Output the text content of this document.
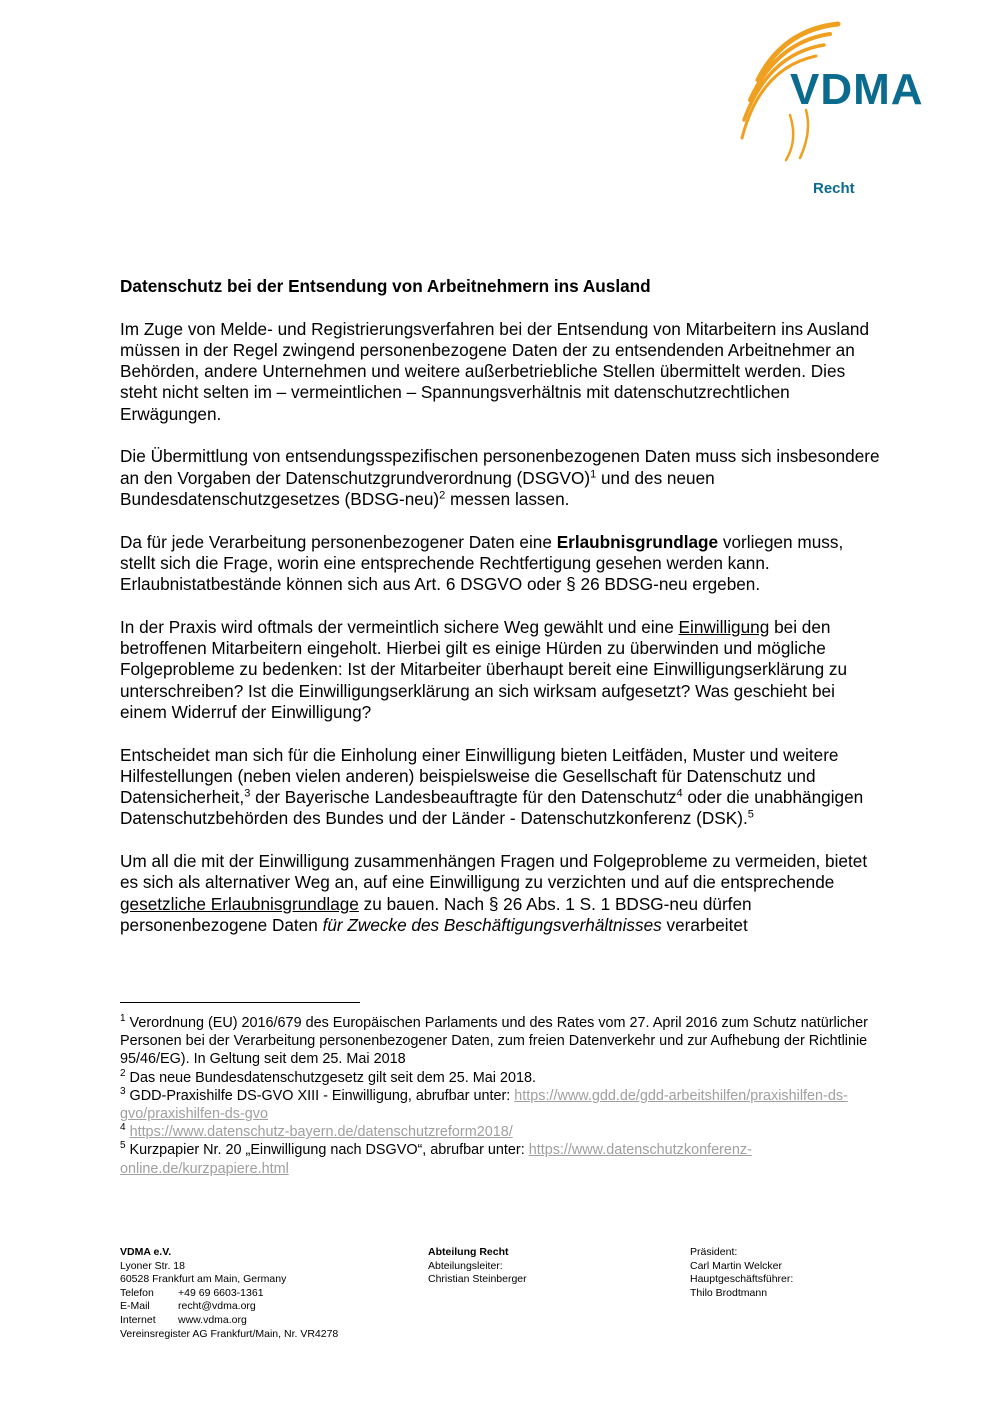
VDMA
Recht
Datenschutz bei der Entsendung von Arbeitnehmern ins Ausland

Im Zuge von Melde- und Registrierungsverfahren bei der Entsendung von Mitarbeitern ins Ausland müssen in der Regel zwingend personenbezogene Daten der zu entsendenden Arbeitnehmer an Behörden, andere Unternehmen und weitere außerbetriebliche Stellen übermittelt werden. Dies steht nicht selten im – vermeintlichen – Spannungsverhältnis mit datenschutzrechtlichen Erwägungen.

Die Übermittlung von entsendungsspezifischen personenbezogenen Daten muss sich insbesondere an den Vorgaben der Datenschutzgrundverordnung (DSGVO)$^1$ und des neuen Bundesdatenschutzgesetzes (BDSG-neu)$^2$ messen lassen.

Da für jede Verarbeitung personenbezogener Daten eine Erlaubnisgrundlage vorliegen muss, stellt sich die Frage, worin eine entsprechende Rechtfertigung gesehen werden kann. Erlaubnistatbestände können sich aus Art. 6 DSGVO oder § 26 BDSG-neu ergeben.

In der Praxis wird oftmals der vermeintlich sichere Weg gewählt und eine Einwilligung bei den betroffenen Mitarbeitern eingeholt. Hierbei gilt es einige Hürden zu überwinden und mögliche Folgeprobleme zu bedenken: Ist der Mitarbeiter überhaupt bereit eine Einwilligungserklärung zu unterschreiben? Ist die Einwilligungserklärung an sich wirksam aufgesetzt? Was geschieht bei einem Widerruf der Einwilligung?

Entscheidet man sich für die Einholung einer Einwilligung bieten Leitfäden, Muster und weitere Hilfestellungen (neben vielen anderen) beispielsweise die Gesellschaft für Datenschutz und Datensicherheit,$^3$ der Bayerische Landesbeauftragte für den Datenschutz$^4$ oder die unabhängigen Datenschutzbehörden des Bundes und der Länder - Datenschutzkonferenz (DSK).$^5$

Um all die mit der Einwilligung zusammenhängen Fragen und Folgeprobleme zu vermeiden, bietet es sich als alternativer Weg an, auf eine Einwilligung zu verzichten und auf die entsprechende gesetzliche Erlaubnisgrundlage zu bauen. Nach § 26 Abs. 1 S. 1 BDSG-neu dürfen personenbezogene Daten für Zwecke des Beschäftigungsverhältnisses verarbeitet

$^1$ Verordnung (EU) 2016/679 des Europäischen Parlaments und des Rates vom 27. April 2016 zum Schutz natürlicher Personen bei der Verarbeitung personenbezogener Daten, zum freien Datenverkehr und zur Aufhebung der Richtlinie 95/46/EG). In Geltung seit dem 25. Mai 2018

$^2$ Das neue Bundesdatenschutzgesetz gilt seit dem 25. Mai 2018.

$^3$ GDD-Praxishilfe DS-GVO XIII - Einwilligung, abrufbar unter: https://www.gdd.de/gdd-arbeitshilfen/praxishilfen-ds-gvo/praxishilfen-ds-gvo

$^4$ https://www.datenschutz-bayern.de/datenschutzreform2018/

$^5$ Kurzpapier Nr. 20 „Einwilligung nach DSGVO“, abrufbar unter: https://www.datenschutzkonferenz-online.de/kurzpapiere.html

VDMA e.V.
Lyoner Str. 18
60528 Frankfurt am Main, Germany
Telefon +49 69 6603-1361
E-Mail	recht@vdma.org
Internet www.vdma.org
Vereinsregister AG Frankfurt/Main, Nr. VR4278
Abteilung Recht
Abteilungsleiter:
Christian Steinberger
Präsident:
Carl Martin Welcker
Hauptgeschäftsführer:
Thilo Brodtmann
